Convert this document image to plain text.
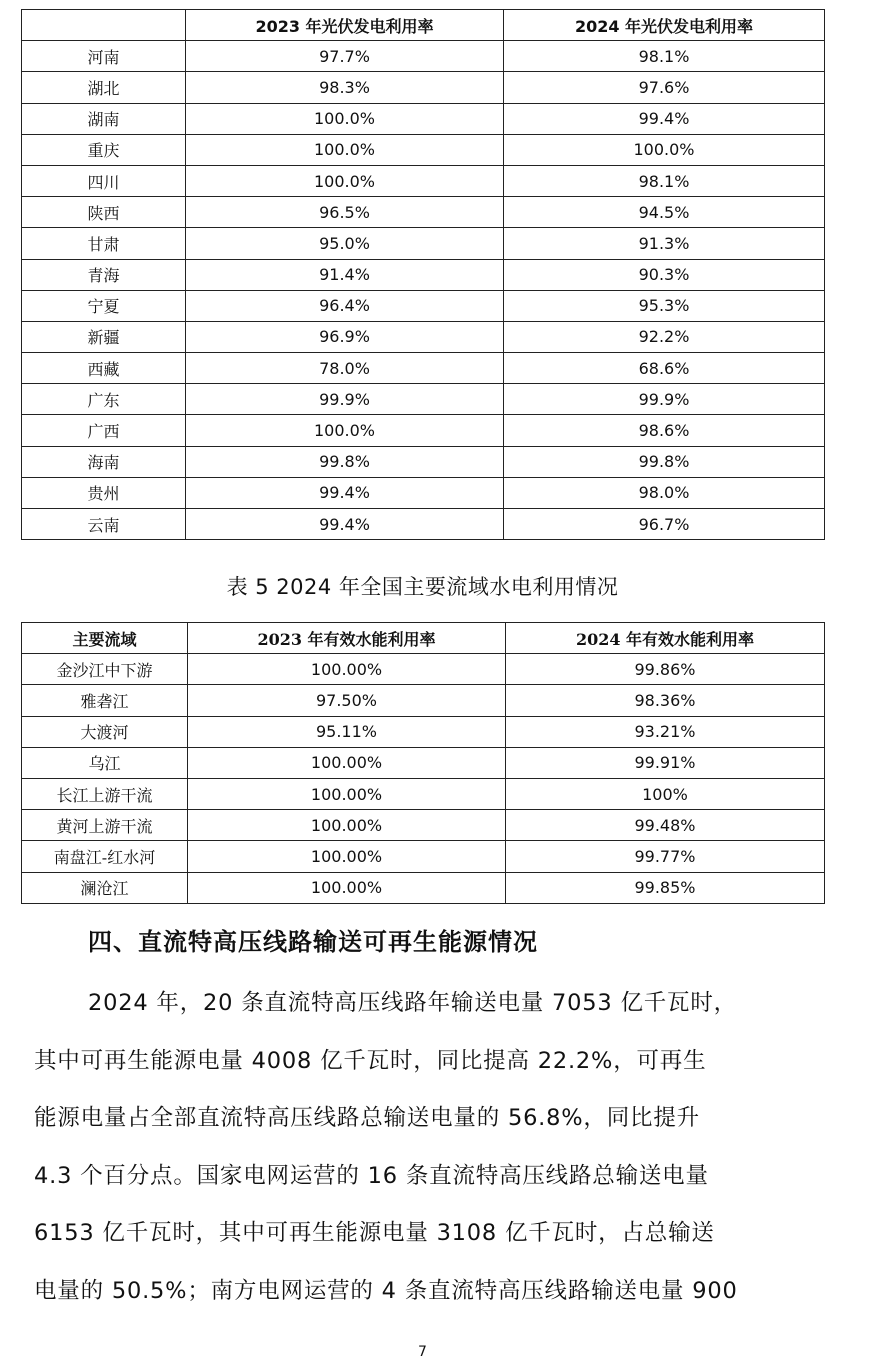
	2023 年光伏发电利用率	2024 年光伏发电利用率
河南	97.7%	98.1%
湖北	98.3%	97.6%
湖南	100.0%	99.4%
重庆	100.0%	100.0%
四川	100.0%	98.1%
陕西	96.5%	94.5%
甘肃	95.0%	91.3%
青海	91.4%	90.3%
宁夏	96.4%	95.3%
新疆	96.9%	92.2%
西藏	78.0%	68.6%
广东	99.9%	99.9%
广西	100.0%	98.6%
海南	99.8%	99.8%
贵州	99.4%	98.0%
云南	99.4%	96.7%
表 5 2024 年全国主要流域水电利用情况
主要流域	2023 年有效水能利用率	2024 年有效水能利用率
金沙江中下游	100.00%	99.86%
雅砻江	97.50%	98.36%
大渡河	95.11%	93.21%
乌江	100.00%	99.91%
长江上游干流	100.00%	100%
黄河上游干流	100.00%	99.48%
南盘江-红水河	100.00%	99.77%
澜沧江	100.00%	99.85%
四、直流特高压线路输送可再生能源情况

2024 年，20 条直流特高压线路年输送电量 7053 亿千瓦时，
其中可再生能源电量 4008 亿千瓦时，同比提高 22.2%，可再生
能源电量占全部直流特高压线路总输送电量的 56.8%，同比提升
4.3 个百分点。国家电网运营的 16 条直流特高压线路总输送电量
6153 亿千瓦时，其中可再生能源电量 3108 亿千瓦时，占总输送
电量的 50.5%；南方电网运营的 4 条直流特高压线路输送电量 900

7
